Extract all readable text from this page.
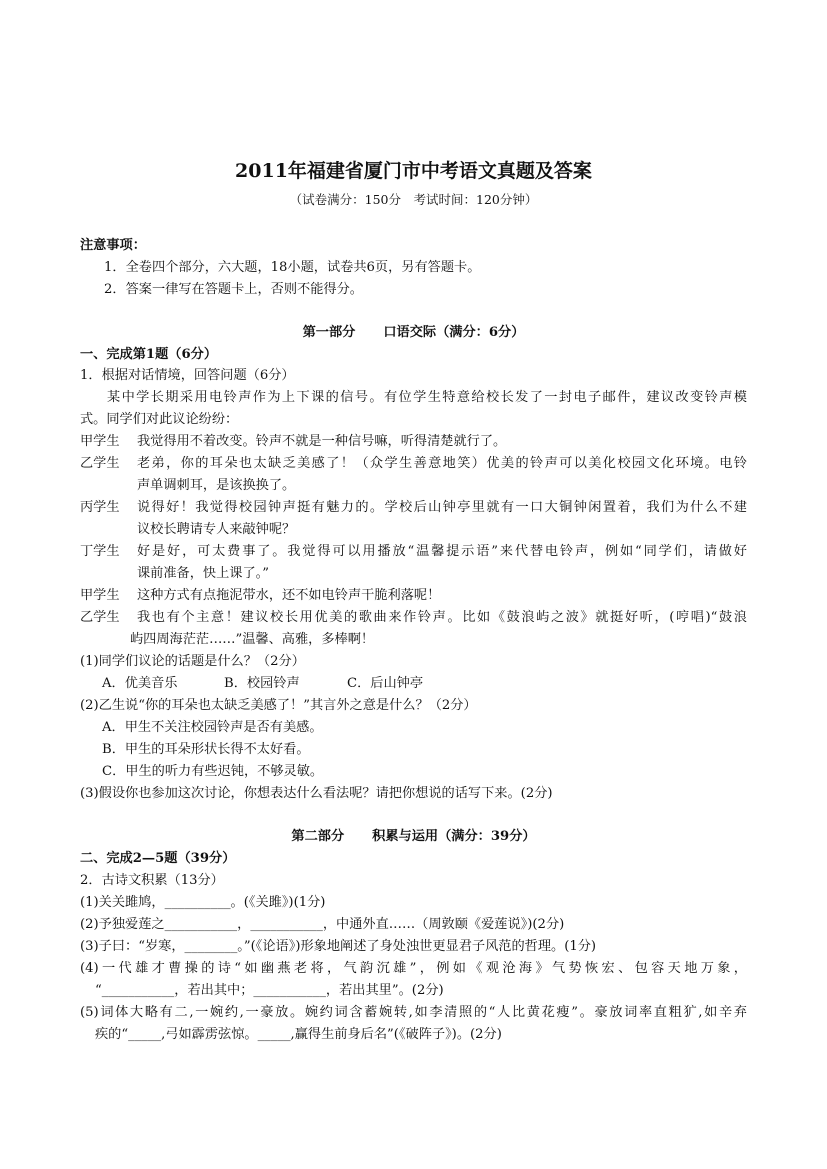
2011年福建省厦门市中考语文真题及答案
（试卷满分：150分　考试时间：120分钟）
注意事项：
1．全卷四个部分，六大题，18小题，试卷共6页，另有答题卡。
2．答案一律写在答题卡上，否则不能得分。
第一部分 口语交际（满分：6分）
一、完成第1题（6分）
1．根据对话情境，回答问题（6分）
某中学长期采用电铃声作为上下课的信号。有位学生特意给校长发了一封电子邮件，建议改变铃声模
式。同学们对此议论纷纷：
甲学生 我觉得用不着改变。铃声不就是一种信号嘛，听得清楚就行了。
乙学生 老弟，你的耳朵也太缺乏美感了！（众学生善意地笑）优美的铃声可以美化校园文化环境。电铃
声单调刺耳，是该换换了。
丙学生 说得好！我觉得校园钟声挺有魅力的。学校后山钟亭里就有一口大铜钟闲置着，我们为什么不建
议校长聘请专人来敲钟呢？
丁学生 好是好，可太费事了。我觉得可以用播放“温馨提示语”来代替电铃声，例如“同学们，请做好
课前准备，快上课了。”
甲学生 这种方式有点拖泥带水，还不如电铃声干脆利落呢！
乙学生 我也有个主意！建议校长用优美的歌曲来作铃声。比如《鼓浪屿之波》就挺好听，(哼唱)“鼓浪
屿四周海茫茫……”温馨、高雅，多棒啊！
(1)同学们议论的话题是什么？（2分）
A．优美音乐	B．校园铃声	C．后山钟亭
(2)乙生说“你的耳朵也太缺乏美感了！”其言外之意是什么？（2分）
A．甲生不关注校园铃声是否有美感。
B．甲生的耳朵形状长得不太好看。
C．甲生的听力有些迟钝，不够灵敏。
(3)假设你也参加这次讨论，你想表达什么看法呢？请把你想说的话写下来。(2分)
第二部分 积累与运用（满分：39分）
二、完成2—5题（39分）
2．古诗文积累（13分）
(1)关关雎鸠，__________。(《关雎》)(1分)
(2)予独爱莲之___________，___________，中通外直……（周敦颐《爱莲说》)(2分)
(3)子曰：“岁寒，________。”(《论语》)形象地阐述了身处浊世更显君子风范的哲理。(1分)
(4)一代雄才曹操的诗“如幽燕老将，气韵沉雄”，例如《观沧海》气势恢宏、包容天地万象，
“___________，若出其中；___________，若出其里”。(2分)
(5)词体大略有二,一婉约,一豪放。婉约词含蓄婉转,如李清照的“人比黄花瘦”。豪放词率直粗犷,如辛弃
疾的“_____,弓如霹雳弦惊。_____,赢得生前身后名”(《破阵子》)。(2分)
